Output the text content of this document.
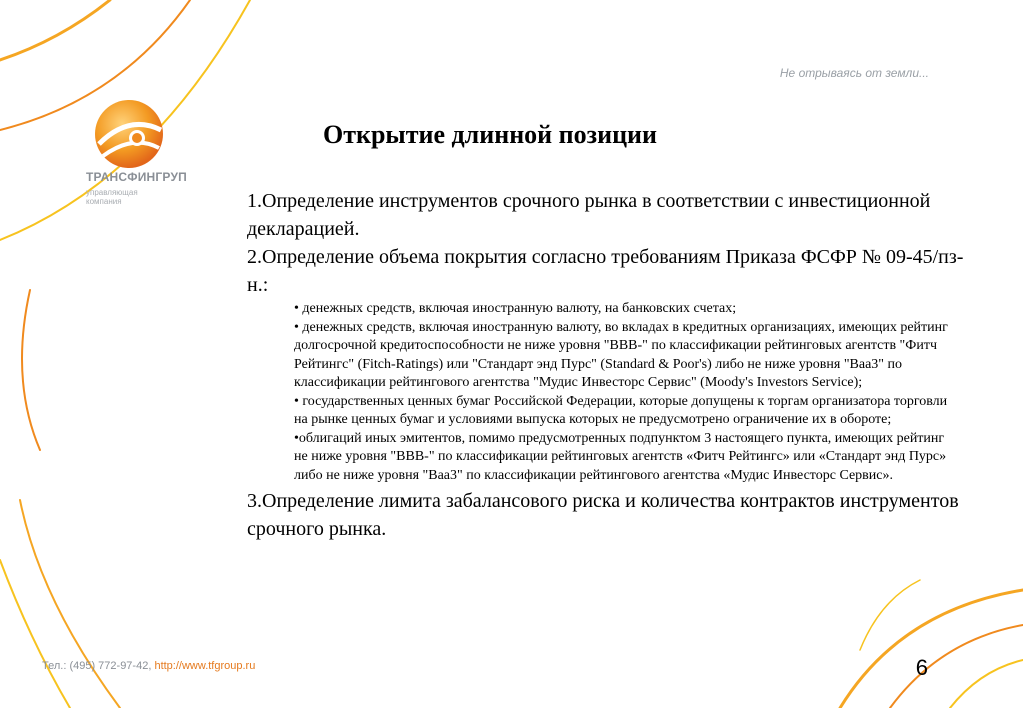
ТРАНСФИНГРУП
управляющая компания
Не отрываясь от земли...
Открытие длинной позиции

1.Определение инструментов срочного рынка в соответствии с инвестиционной декларацией.

2.Определение объема покрытия согласно требованиям Приказа ФСФР № 09-45/пз-н.:

• денежных средств, включая иностранную валюту, на банковских счетах;

• денежных средств, включая иностранную валюту, во вкладах в кредитных организациях, имеющих рейтинг долгосрочной кредитоспособности не ниже уровня "BBB-" по классификации рейтинговых агентств "Фитч Рейтингс" (Fitch-Ratings) или "Стандарт энд Пурс" (Standard & Poor's) либо не ниже уровня "Baa3" по классификации рейтингового агентства "Мудис Инвесторс Сервис" (Moody's Investors Service);

• государственных ценных бумаг Российской Федерации, которые допущены к торгам организатора торговли на рынке ценных бумаг и условиями выпуска которых не предусмотрено ограничение их в обороте;

•облигаций иных эмитентов, помимо предусмотренных подпунктом 3 настоящего пункта, имеющих рейтинг не ниже уровня "BBB-" по классификации рейтинговых агентств «Фитч Рейтингс» или «Стандарт энд Пурс» либо не ниже уровня "Baa3" по классификации рейтингового агентства «Мудис Инвесторс Сервис».

3.Определение лимита забалансового риска и количества контрактов инструментов срочного рынка.

Тел.: (495) 772-97-42, http://www.tfgroup.ru	6
